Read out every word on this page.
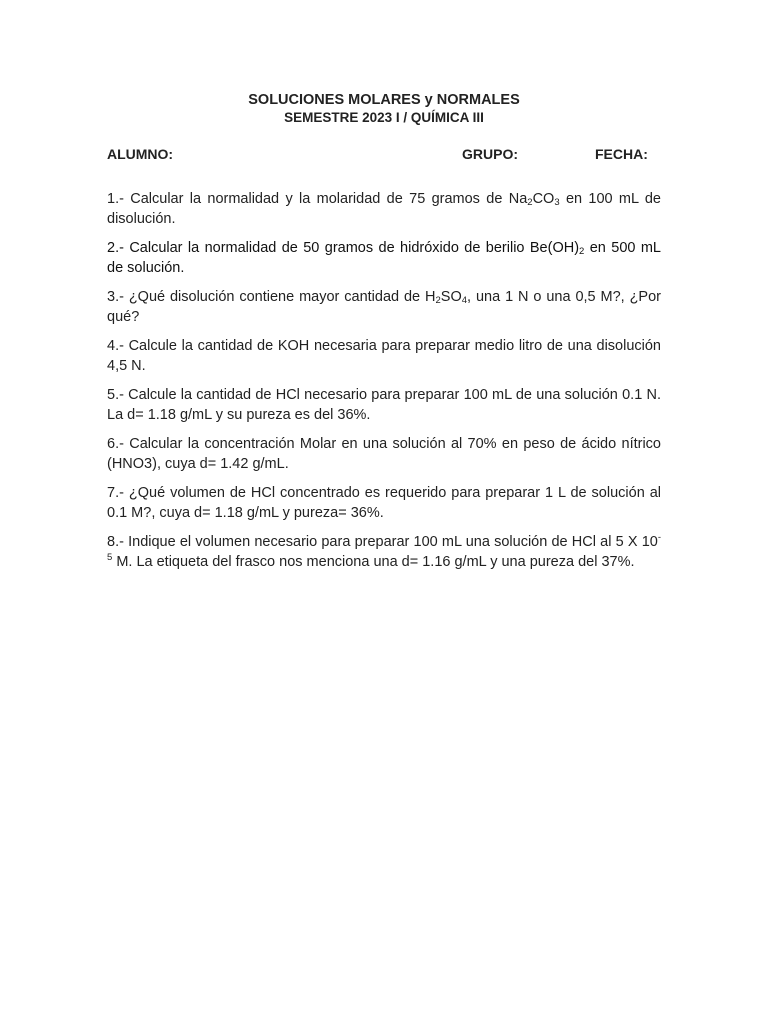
SOLUCIONES MOLARES y NORMALES

SEMESTRE 2023 I / QUÍMICA III

ALUMNO:	GRUPO:	FECHA:

1.- Calcular la normalidad y la molaridad de 75 gramos de $Na_2CO_3$ en 100 mL de disolución.

2.- Calcular la normalidad de 50 gramos de hidróxido de berilio $Be(OH)_2$ en 500 mL de solución.

3.- ¿Qué disolución contiene mayor cantidad de $H_2SO_4$, una 1 N o una 0,5 M?, ¿Por qué?

4.- Calcule la cantidad de KOH necesaria para preparar medio litro de una disolución 4,5 N.

5.- Calcule la cantidad de HCl necesario para preparar 100 mL de una solución 0.1 N. La d= 1.18 g/mL y su pureza es del 36%.

6.- Calcular la concentración Molar en una solución al 70% en peso de ácido nítrico (HNO3), cuya d= 1.42 g/mL.

7.- ¿Qué volumen de HCl concentrado es requerido para preparar 1 L de solución al 0.1 M?, cuya d= 1.18 g/mL y pureza= 36%.

8.- Indique el volumen necesario para preparar 100 mL una solución de HCl al 5 X $10^{-5}$ M. La etiqueta del frasco nos menciona una d= 1.16 g/mL y una pureza del 37%.
